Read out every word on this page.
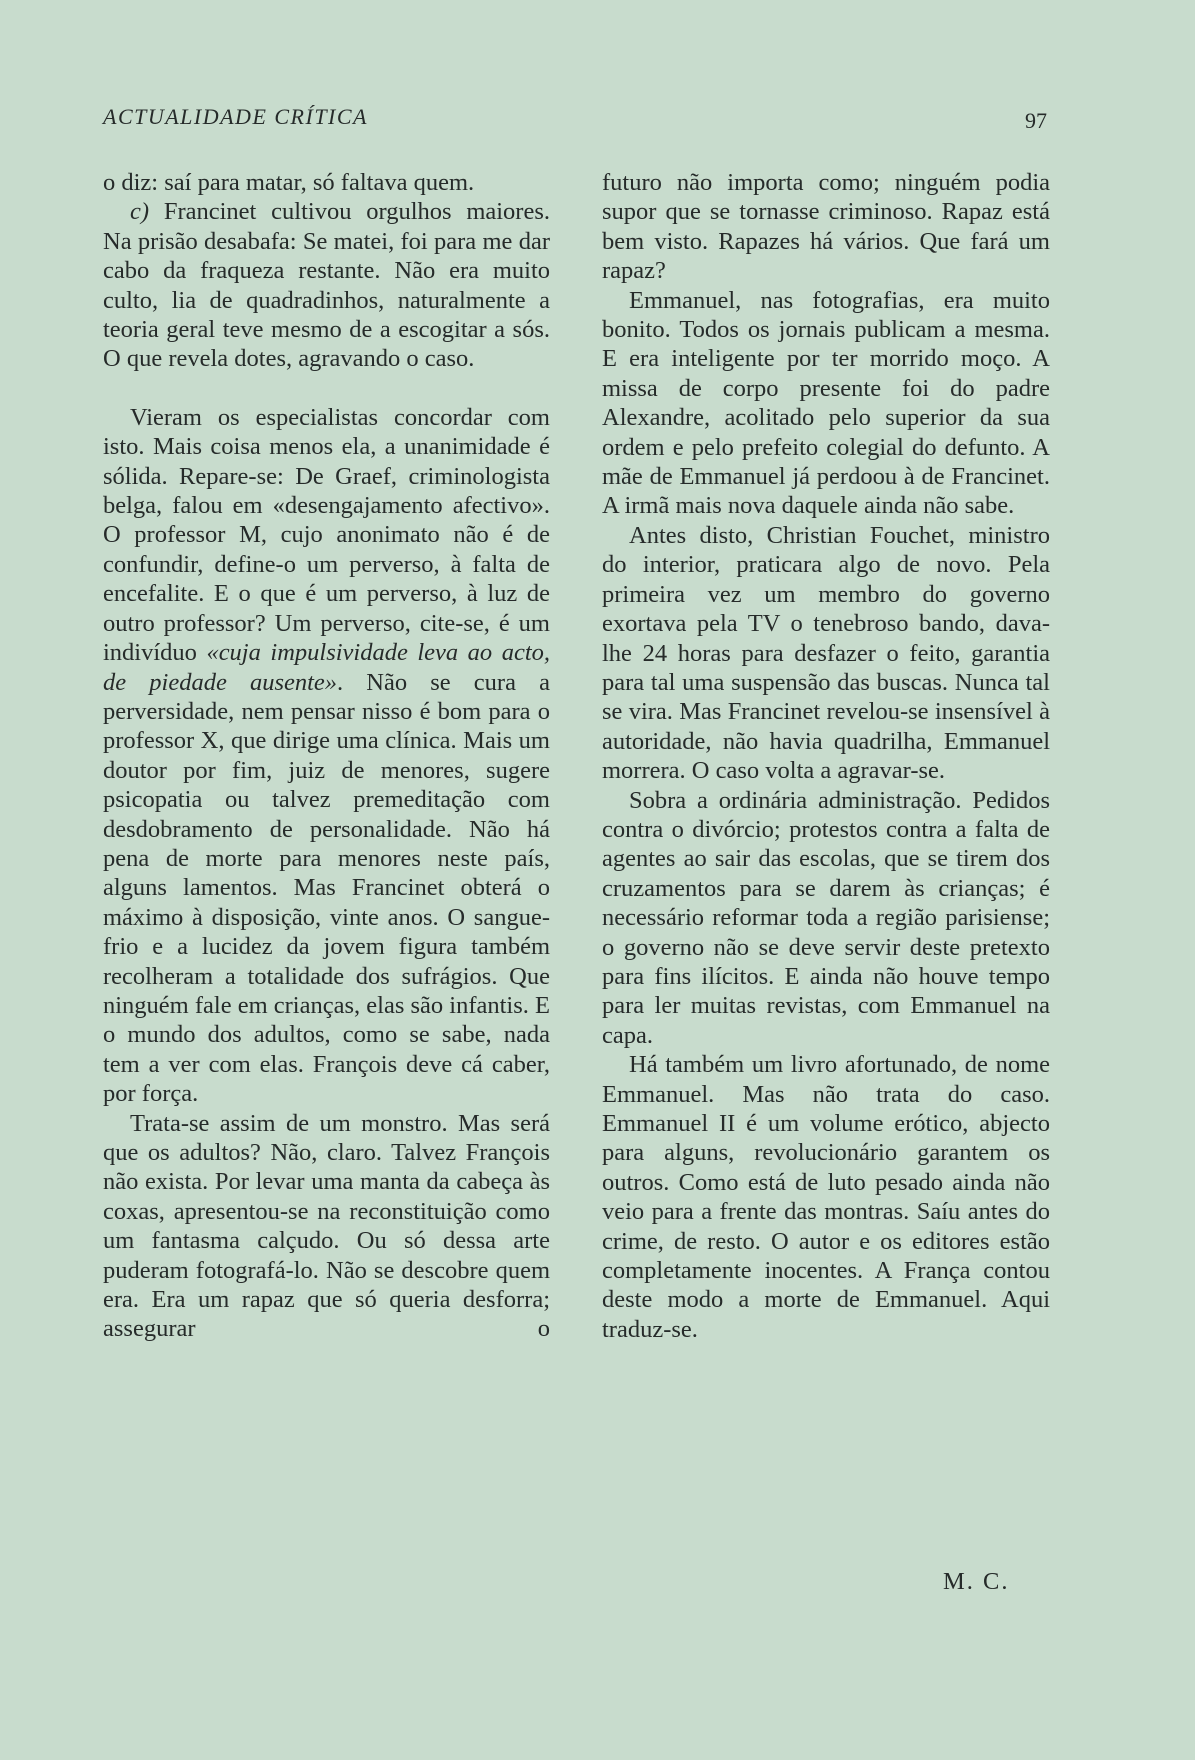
ACTUALIDADE CRÍTICA	97

o diz: saí para matar, só faltava quem.

c) Francinet cultivou orgulhos maiores. Na prisão desabafa: Se matei, foi para me dar cabo da fraqueza restante. Não era muito culto, lia de quadradinhos, naturalmente a teoria geral teve mesmo de a escogitar a sós. O que revela dotes, agravando o caso.

Vieram os especialistas concordar com isto. Mais coisa menos ela, a unanimidade é sólida. Repare-se: De Graef, criminologista belga, falou em «desengajamento afectivo». O professor M, cujo anonimato não é de confundir, define-o um perverso, à falta de encefalite. E o que é um perverso, à luz de outro professor? Um perverso, cite-se, é um indivíduo «cuja impulsividade leva ao acto, de piedade ausente». Não se cura a perversidade, nem pensar nisso é bom para o professor X, que dirige uma clínica. Mais um doutor por fim, juiz de menores, sugere psicopatia ou talvez premeditação com desdobramento de personalidade. Não há pena de morte para menores neste país, alguns lamentos. Mas Francinet obterá o máximo à disposição, vinte anos. O sangue-frio e a lucidez da jovem figura também recolheram a totalidade dos sufrágios. Que ninguém fale em crianças, elas são infantis. E o mundo dos adultos, como se sabe, nada tem a ver com elas. François deve cá caber, por força.

Trata-se assim de um monstro. Mas será que os adultos? Não, claro. Talvez François não exista. Por levar uma manta da cabeça às coxas, apresentou-se na reconstituição como um fantasma calçudo. Ou só dessa arte puderam fotografá-lo. Não se descobre quem era. Era um rapaz que só queria desforra; assegurar o

futuro não importa como; ninguém podia supor que se tornasse criminoso. Rapaz está bem visto. Rapazes há vários. Que fará um rapaz?

Emmanuel, nas fotografias, era muito bonito. Todos os jornais publicam a mesma. E era inteligente por ter morrido moço. A missa de corpo presente foi do padre Alexandre, acolitado pelo superior da sua ordem e pelo prefeito colegial do defunto. A mãe de Emmanuel já perdoou à de Francinet. A irmã mais nova daquele ainda não sabe.

Antes disto, Christian Fouchet, ministro do interior, praticara algo de novo. Pela primeira vez um membro do governo exortava pela TV o tenebroso bando, dava-lhe 24 horas para desfazer o feito, garantia para tal uma suspensão das buscas. Nunca tal se vira. Mas Francinet revelou-se insensível à autoridade, não havia quadrilha, Emmanuel morrera. O caso volta a agravar-se.

Sobra a ordinária administração. Pedidos contra o divórcio; protestos contra a falta de agentes ao sair das escolas, que se tirem dos cruzamentos para se darem às crianças; é necessário reformar toda a região parisiense; o governo não se deve servir deste pretexto para fins ilícitos. E ainda não houve tempo para ler muitas revistas, com Emmanuel na capa.

Há também um livro afortunado, de nome Emmanuel. Mas não trata do caso. Emmanuel II é um volume erótico, abjecto para alguns, revolucionário garantem os outros. Como está de luto pesado ainda não veio para a frente das montras. Saíu antes do crime, de resto. O autor e os editores estão completamente inocentes. A França contou deste modo a morte de Emmanuel. Aqui traduz-se.

M. C.
